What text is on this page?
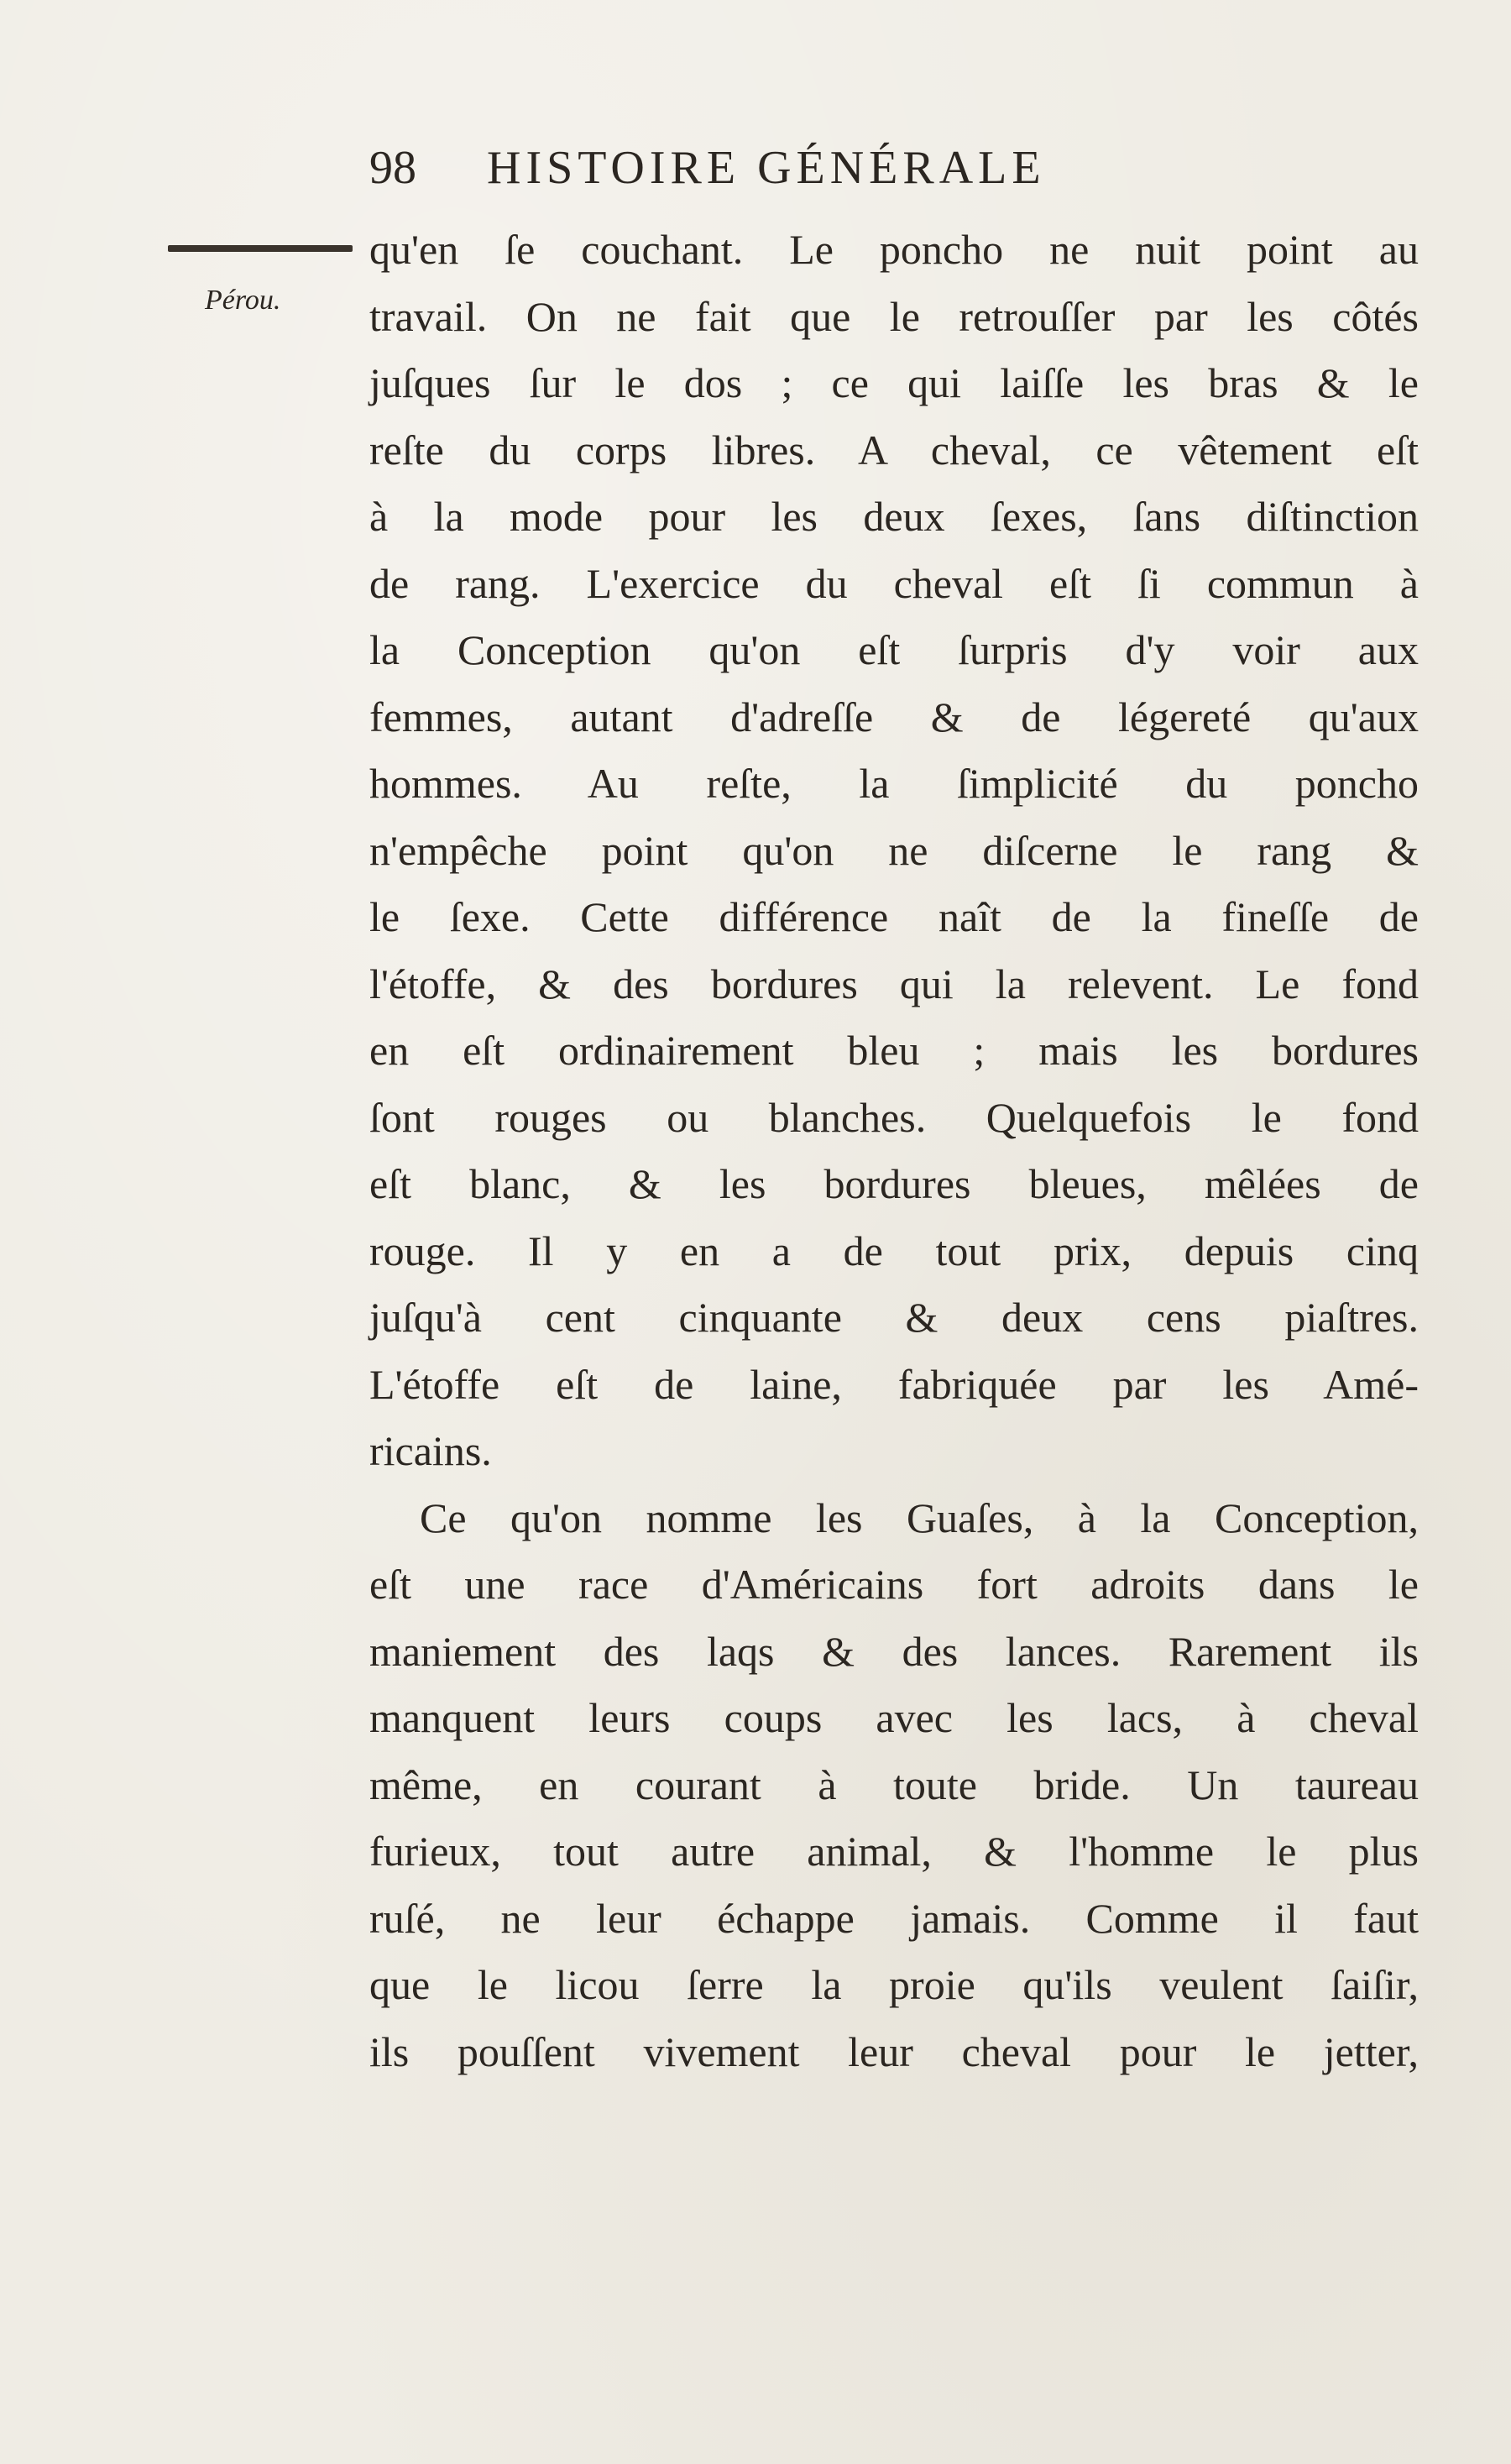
98 HISTOIRE GÉNÉRALE
Pérou.
qu'en ſe couchant. Le poncho ne nuit point au
travail. On ne fait que le retrouſſer par les côtés
juſques ſur le dos ; ce qui laiſſe les bras & le
reſte du corps libres. A cheval, ce vêtement eſt
à la mode pour les deux ſexes, ſans diſtinction
de rang. L'exercice du cheval eſt ſi commun à
la Conception qu'on eſt ſurpris d'y voir aux
femmes, autant d'adreſſe & de légereté qu'aux
hommes. Au reſte, la ſimplicité du poncho
n'empêche point qu'on ne diſcerne le rang &
le ſexe. Cette différence naît de la fineſſe de
l'étoffe, & des bordures qui la relevent. Le fond
en eſt ordinairement bleu ; mais les bordures
ſont rouges ou blanches. Quelquefois le fond
eſt blanc, & les bordures bleues, mêlées de
rouge. Il y en a de tout prix, depuis cinq
juſqu'à cent cinquante & deux cens piaſtres.
L'étoffe eſt de laine, fabriquée par les Amé-
ricains.
Ce qu'on nomme les Guaſes, à la Conception,
eſt une race d'Américains fort adroits dans le
maniement des laqs & des lances. Rarement ils
manquent leurs coups avec les lacs, à cheval
même, en courant à toute bride. Un taureau
furieux, tout autre animal, & l'homme le plus
ruſé, ne leur échappe jamais. Comme il faut
que le licou ſerre la proie qu'ils veulent ſaiſir,
ils pouſſent vivement leur cheval pour le jetter,
